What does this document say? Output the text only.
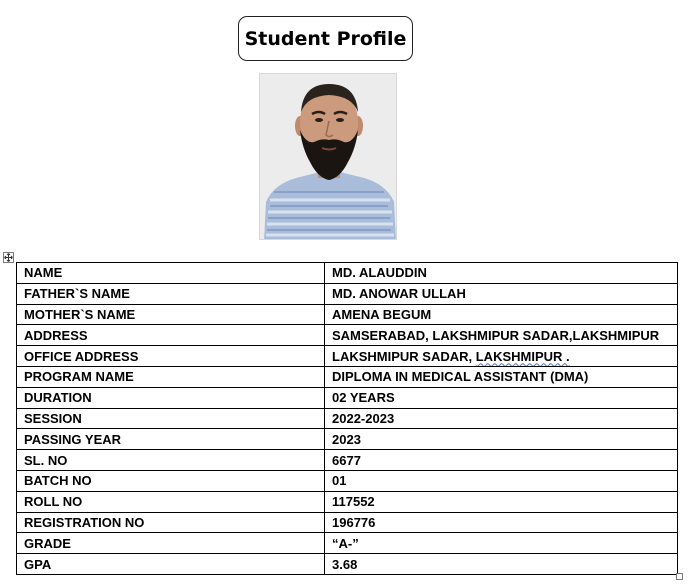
Student Profile
NAME	MD. ALAUDDIN
FATHER`S NAME	MD. ANOWAR ULLAH
MOTHER`S NAME	AMENA BEGUM
ADDRESS	SAMSERABAD, LAKSHMIPUR SADAR,LAKSHMIPUR
OFFICE ADDRESS	LAKSHMIPUR SADAR, LAKSHMIPUR .
PROGRAM NAME	DIPLOMA IN MEDICAL ASSISTANT (DMA)
DURATION	02 YEARS
SESSION	2022-2023
PASSING YEAR	2023
SL. NO	6677
BATCH NO	01
ROLL NO	117552
REGISTRATION NO	196776
GRADE	“A-”
GPA	3.68
